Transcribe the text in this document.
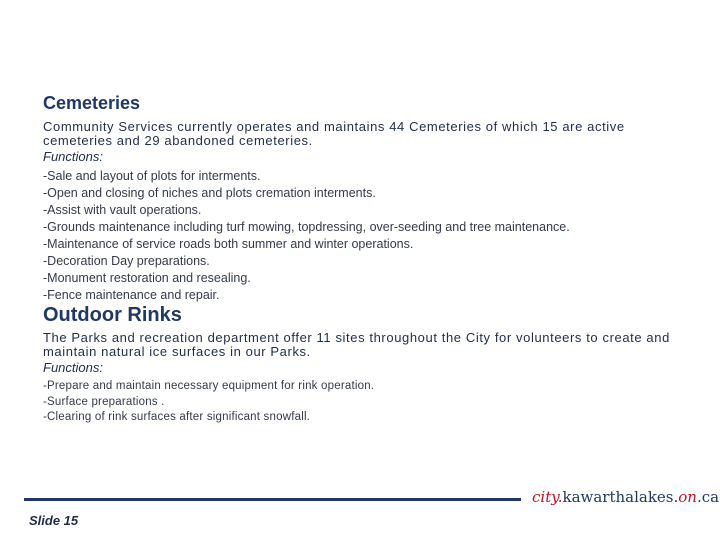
Cemeteries

Community Services currently operates and maintains 44 Cemeteries of which 15 are active cemeteries and 29 abandoned cemeteries.

Functions:
-Sale and layout of plots for interments.
-Open and closing of niches and plots cremation interments.
-Assist with vault operations.
-Grounds maintenance including turf mowing, topdressing, over-seeding and tree maintenance.
-Maintenance of service roads both summer and winter operations.
-Decoration Day preparations.
-Monument restoration and resealing.
-Fence maintenance and repair.
Outdoor Rinks

The Parks and recreation department offer 11 sites throughout the City for volunteers to create and maintain natural ice surfaces in our Parks.

Functions:
-Prepare and maintain necessary equipment for rink operation.
-Surface preparations .
-Clearing of rink surfaces after significant snowfall.
city.kawarthalakes.on.ca
Slide 15
